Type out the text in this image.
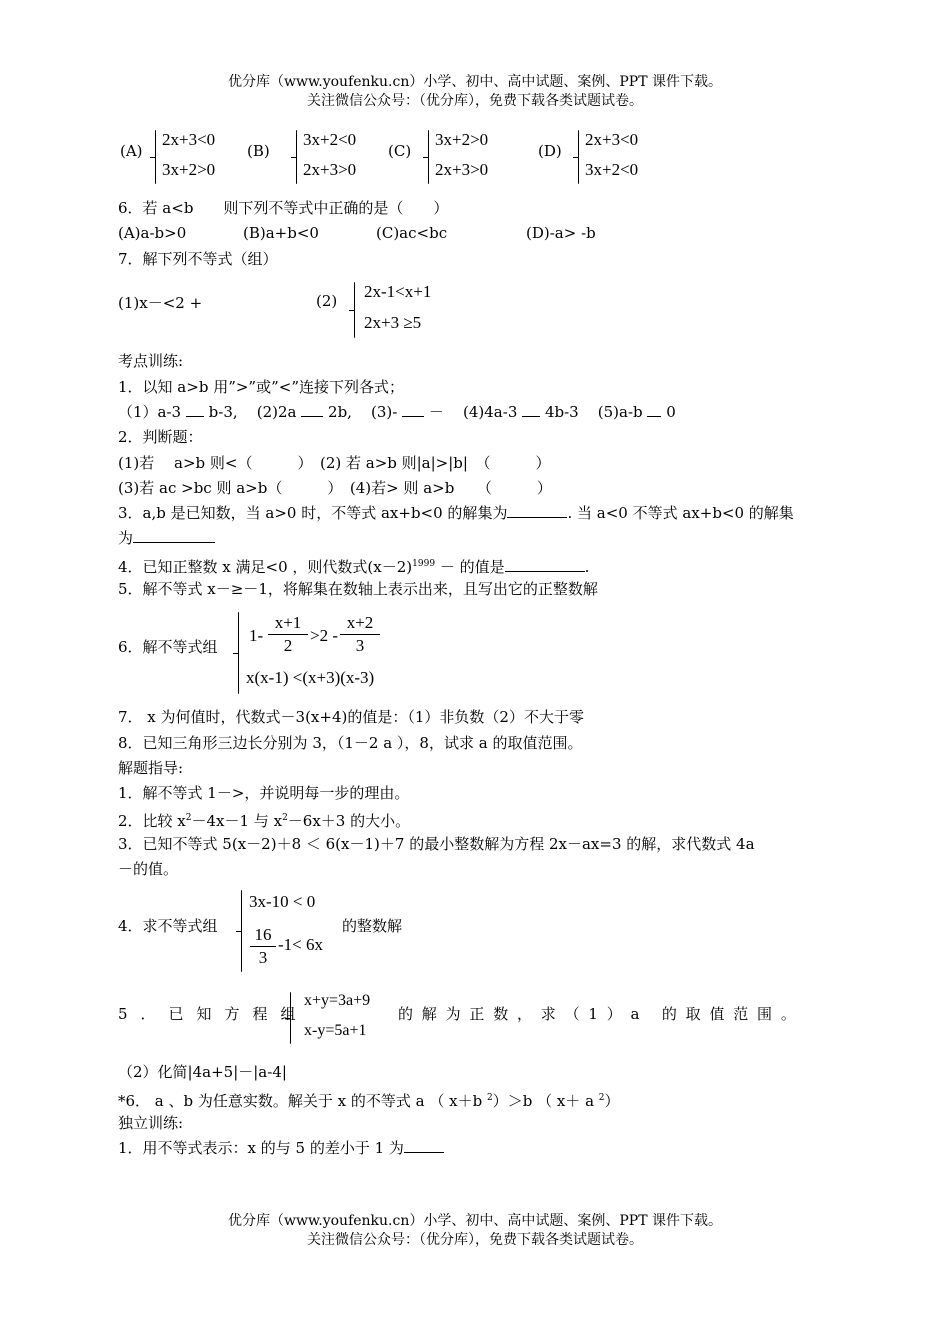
优分库（www.youfenku.cn）小学、初中、高中试题、案例、PPT 课件下载。
关注微信公众号：（优分库），免费下载各类试题试卷。
(A)
2x+3<0
3x+2>0
(B)
3x+2<0
2x+3>0
(C)
3x+2>0
2x+3>0
(D)
2x+3<0
3x+2<0
6．若 a<b　　则下列不等式中正确的是（　　）
(A)a-b>0	(B)a+b<0	(C)ac<bc	(D)-a> -b
7．解下列不等式（组）
(1)x－<2 +	(2) 2x-1<x+1
2x+3 ≥5
考点训练:
1．以知 a>b 用”>”或”<”连接下列各式；
（1）a-3 b-3, (2)2a 2b, (3)- － (4)4a-3 4b-3 (5)a-b 0
2．判断题：
(1)若　 a>b 则<（　　　）　(2) 若 a>b 则|a|>|b|　（　　　）
(3)若 ac >bc 则 a>b（　　　）　(4)若> 则 a>b　　（　　　）
3．a,b 是已知数，当 a>0 时，不等式 ax+b<0 的解集为	. 当 a<0 不等式 ax+b<0 的解集
为
4．已知正整数 x 满足<0 ，则代数式$(x-2)^{1999}$ － 的值是	.
5．解不等式 x－≥－1，将解集在数轴上表示出来，且写出它的正整数解
6．解不等式组
$1- \frac{x+1}{2} >2 - \frac{x+2}{3}$
x(x-1) <(x+3)(x-3)
7． x 为何值时，代数式－3(x+4)的值是：（1）非负数（2）不大于零
8．已知三角形三边长分别为 3，（1－2 a ），8，试求 a 的取值范围。
解题指导:
1．解不等式 1－>，并说明每一步的理由。
2．比较 $x^2-4x-1$ 与 $x^2-6x+3$ 的大小。
3．已知不等式 5(x－2)＋8 ＜ 6(x－1)＋7 的最小整数解为方程 2x－ax=3 的解，求代数式 4a
－的值。
4．求不等式组
3x-10 < 0
$\frac{16}{3} -1< 6x$
的整数解
5．已知方程组
x+y=3a+9
x-y=5a+1
的解为正数，求（1）a 的取值范围。
（2）化简|4a+5|－|a-4|
*6． a 、b 为任意实数。解关于 x 的不等式 a （ x＋b $^2$）＞b （ x＋ a $^2$）
独立训练:
1．用不等式表示：x 的与 5 的差小于 1 为
优分库（www.youfenku.cn）小学、初中、高中试题、案例、PPT 课件下载。
关注微信公众号：（优分库），免费下载各类试题试卷。
